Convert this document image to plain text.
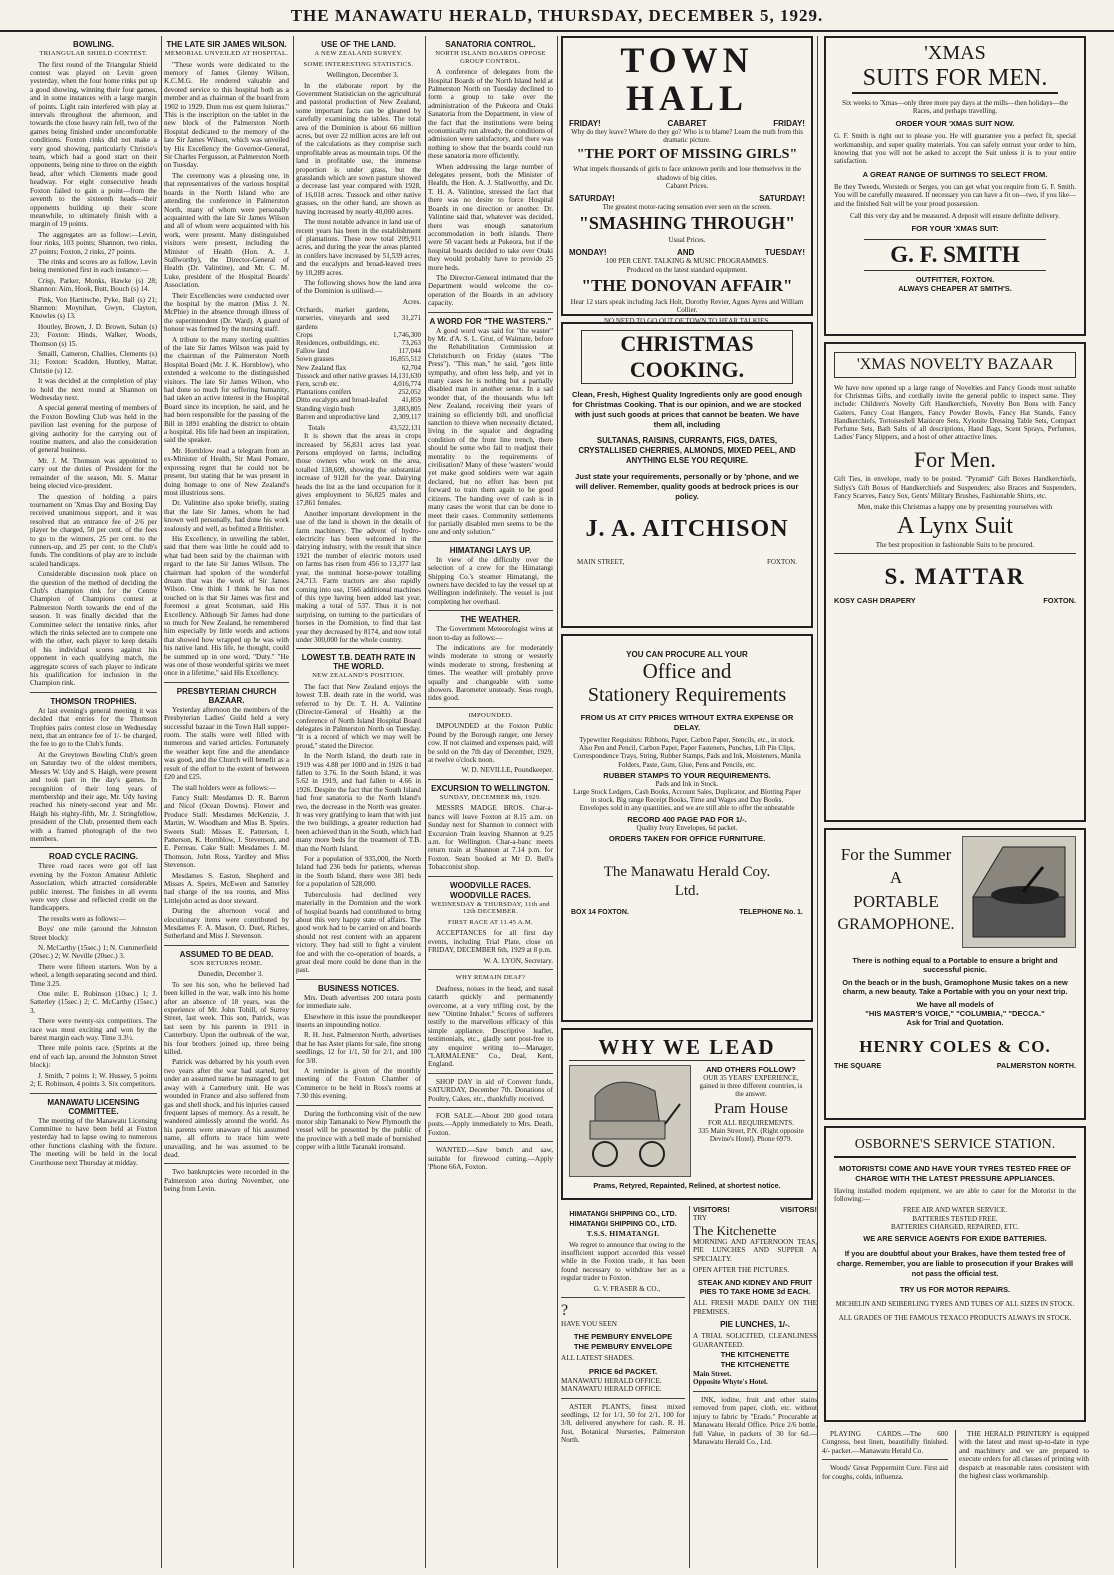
THE MANAWATU HERALD, THURSDAY, DECEMBER 5, 1929.
BOWLING.
TRIANGULAR SHIELD CONTEST.

The first round of the Triangular Shield contest was played on Levin green yesterday, when the four home rinks put up a good showing, winning their four games, and in some instances with a large margin of points. Light rain interfered with play at intervals throughout the afternoon, and towards the close heavy rain fell, two of the games being finished under uncomfortable conditions. Foxton rinks did not make a very good showing, particularly Christie's team, which had a good start on their opponents, being nine to three on the eighth head, after which Clements made good headway. For eight consecutive heads Foxton failed to gain a point—from the seventh to the sixteenth heads—their opponents building up their score meanwhile, to ultimately finish with a margin of 19 points.

The aggregates are as follow:—Levin, four rinks, 103 points; Shannon, two rinks, 27 points; Foxton, 2 rinks, 27 points.

The rinks and scores are as follow, Levin being mentioned first in each instance:—

Crisp, Parker, Monks, Hawke (s) 28; Shannon: Aim, Hook, Butt, Bouch (s) 14.

Pink, Von Hartitsche, Pyke, Ball (s) 21; Shannon: Moynihan, Gwyn, Clayton, Knowles (s) 13.

Houtley, Brown, J. D. Brown, Suban (s) 23; Foxton: Hinds, Walker, Woods, Thomson (s) 15.

Smaill, Cameron, Challies, Clements (s) 31; Foxton: Scadden, Huntley, Mattar, Christie (s) 12.

It was decided at the completion of play to hold the next round at Shannon on Wednesday next.

A special general meeting of members of the Foxton Bowling Club was held in the pavilion last evening for the purpose of giving authority for the carrying out of routine matters, and also the consideration of general business.

Mr. J. M. Thomson was appointed to carry out the duties of President for the remainder of the season, Mr. S. Mattar being elected vice-president.

The question of holding a pairs tournament on 'Xmas Day and Boxing Day received unanimous support, and it was resolved that an entrance fee of 2/6 per player be charged, 50 per cent. of the fees to go to the winners, 25 per cent. to the runners-up, and 25 per cent. to the Club's funds. The conditions of play are to include scaled handicaps.

Considerable discussion took place on the question of the method of deciding the Club's champion rink for the Centre Champion of Champions contest at Palmerston North towards the end of the season. It was finally decided that the Committee select the tentative rinks, after which the rinks selected are to compete one with the other, each player to keep details of his individual scores against his opponent in each qualifying match, the aggregate scores of each player to indicate his qualification for inclusion in the Champion rink.

THOMSON TROPHIES.

At last evening's general meeting it was decided that entries for the Thomson Trophies pairs contest close on Wednesday next, that an entrance fee of 1/- be charged, the fee to go to the Club's funds.

At the Greytown Bowling Club's green on Saturday two of the oldest members, Messrs W. Udy and S. Haigh, were present and took part in the day's games. In recognition of their long years of membership and their age, Mr. Udy having reached his ninety-second year and Mr. Haigh his eighty-fifth, Mr. J. Stringfellow, president of the Club, presented them each with a framed photograph of the two members.

ROAD CYCLE RACING.

Three road races were got off last evening by the Foxton Amateur Athletic Association, which attracted considerable public interest. The finishes in all events were very close and reflected credit on the handicappers.

The results were as follows:—

Boys' one mile (around the Johnston Street block):

N. McCarthy (15sec.) 1; N. Cummerfield (20sec.) 2; W. Neville (20sec.) 3.

There were fifteen starters. Won by a wheel, a length separating second and third. Time 3.25.

One mile: E. Robinson (10sec.) 1; J. Satterley (15sec.) 2; C. McCarthy (15sec.) 3.

There were twenty-six competitors. The race was most exciting and won by the barest margin each way. Time 3.3½.

Three mile points race. (Sprints at the end of each lap, around the Johnston Street block):

J. Smith, 7 points 1; W. Hussey, 5 points 2; E. Robinson, 4 points 3. Six competitors.

MANAWATU LICENSING COMMITTEE.

The meeting of the Manawatu Licensing Committee to have been held at Foxton yesterday had to lapse owing to numerous other functions clashing with the fixture. The meeting will be held in the local Courthouse next Thursday at midday.

THE LATE SIR JAMES WILSON.
MEMORIAL UNVEILED AT HOSPITAL.

"These words were dedicated to the memory of James Glenny Wilson, K.C.M.G. He rendered valuable and devoted service to this hospital both as a member and as chairman of the board from 1902 to 1929. Dum nus est quem luiteras." This is the inscription on the tablet in the new block of the Palmerston North Hospital dedicated to the memory of the late Sir James Wilson, which was unveiled by His Excellency the Governor-General, Sir Charles Fergusson, at Palmerston North on Tuesday.

The ceremony was a pleasing one, in that representatives of the various hospital boards in the North Island who are attending the conference in Palmerston North, many of whom were personally acquainted with the late Sir James Wilson and all of whom were acquainted with his work, were present. Many distinguished visitors were present, including the Minister of Health (Hon. A. J. Stallworthy), the Director-General of Health (Dr. Valintine), and Mr. C. M. Luke, president of the Hospital Boards' Association.

Their Excellencies were conducted over the hospital by the matron (Miss J. N. McPhie) in the absence through illness of the superintendent (Dr. Ward). A guard of honour was formed by the nursing staff.

A tribute to the many sterling qualities of the late Sir James Wilson was paid by the chairman of the Palmerston North Hospital Board (Mr. J. K. Hornblow), who extended a welcome to the distinguished visitors. The late Sir James Wilson, who had done so much for suffering humanity, had taken an active interest in the Hospital Board since its inception, he said, and he had been responsible for the passing of the Bill in 1891 enabling the district to obtain a hospital. His life had been an inspiration, said the speaker.

Mr. Hornblow read a telegram from an ex-Minister of Health, Sir Maui Pomare, expressing regret that he could not be present, but stating that he was present in doing homage to one of New Zealand's most illustrious sons.

Dr. Valintine also spoke briefly, stating that the late Sir James, whom he had known well personally, had done his work zealously and well, as befitted a Britisher.

His Excellency, in unveiling the tablet, said that there was little he could add to what had been said by the chairman with regard to the late Sir James Wilson. The chairman had spoken of the wonderful dream that was the work of Sir James Wilson. One think I think he has not touched on is that Sir James was first and foremost a great Scotsman, said His Excellency. Although Sir James had done so much for New Zealand, he remembered him especially by little words and actions that showed how wrapped up he was with his native land. His life, he thought, could be summed up in one word, "Duty." "He was one of those wonderful spirits we meet once in a lifetime," said His Excellency.

PRESBYTERIAN CHURCH BAZAAR.

Yesterday afternoon the members of the Presbyterian Ladies' Guild held a very successful bazaar in the Town Hall supper-room. The stalls were well filled with numerous and varied articles. Fortunately the weather kept fine and the attendance was good, and the Church will benefit as a result of the effort to the extent of between £20 and £25.

The stall holders were as follows:—

Fancy Stall: Mesdames D. R. Barron and Nicol (Ocean Downs). Flower and Produce Stall: Mesdames McKenzie, J. Martin, W. Woodham and Miss B. Speirs. Sweets Stall: Misses E. Patterson, I. Patterson, K. Hornblow, J. Stevenson, and E. Perreau. Cake Stall: Mesdames J. M. Thomson, John Ross, Yardley and Miss Stevenson.

Mesdames S. Easton, Shepherd and Misses A. Speirs, McEwen and Satterley had charge of the tea rooms, and Miss Littlejohn acted as door steward.

During the afternoon vocal and elocutionary items were contributed by Mesdames F. A. Mason, O. Duel, Riches, Sutherland and Miss J. Stevenson.

ASSUMED TO BE DEAD.
SON RETURNS HOME.

Dunedin, December 3.

To see his son, who he believed had been killed in the war, walk into his home after an absence of 18 years, was the experience of Mr. John Tohill, of Surrey Street, last week. This son, Patrick, was last seen by his parents in 1911 in Canterbury. Upon the outbreak of the war, his four brothers joined up, three being killed.

Patrick was debarred by his youth even two years after the war had started, but under an assumed name he managed to get away with a Canterbury unit. He was wounded in France and also suffered from gas and shell shock, and his injuries caused frequent lapses of memory. As a result, he wandered aimlessly around the world. As his parents were unaware of his assumed name, all efforts to trace him were unavailing, and he was assumed to be dead.

Two bankruptcies were recorded in the Palmerston area during November, one being from Levin.

USE OF THE LAND.
A NEW ZEALAND SURVEY.
SOME INTERESTING STATISTICS.

Wellington, December 3.

In the elaborate report by the Government Statistician on the agricultural and pastoral production of New Zealand, some important facts can be gleaned by carefully examining the tables. The total area of the Dominion is about 66 million acres, but over 22 million acres are left out of the calculations as they comprise such unprofitable areas as mountain tops. Of the land in profitable use, the immense proportion is under grass, but the grasslands which are sown pasture showed a decrease last year compared with 1928, of 16,018 acres. Tussock and other native grasses, on the other hand, are shown as having increased by nearly 40,000 acres.

The most notable advance in land use of recent years has been in the establishment of plantations. These now total 209,911 acres, and during the year the areas planted in conifers have increased by 51,539 acres, and the eucalypts and broad-leaved trees by 10,289 acres.

The following shows how the land area of the Dominion is utilised:—

Acres.
Orchards, market gardens, nurseries, vineyards and seed gardens	31,271
Crops	1,746,300
Residences, outbuildings, etc.	73,263
Fallow land	117,044
Sown grasses	16,855,512
New Zealand flax	62,704
Tussock and other native grasses	14,131,630
Fern, scrub etc.	4,016,774
Plantations conifers	252,052
Ditto eucalypts and broad-leafed	41,859
Standing virgin bush	3,883,805
Barren and unproductive land	2,309,117
Totals	43,522,131

It is shown that the areas in crops increased by 56,831 acres last year. Persons employed on farms, including those owners who work on the area, totalled 138,609, showing the substantial increase of 9128 for the year. Dairying heads the list as the land occupation for it gives employment to 56,825 males and 17,861 females.

Another important development in the use of the land is shown in the details of farm machinery. The advent of hydro-electricity has been welcomed in the dairying industry, with the result that since 1921 the number of electric motors used on farms has risen from 456 to 13,377 last year, the nominal horse-power totalling 24,713. Farm tractors are also rapidly coming into use, 1566 additional machines of this type having been added last year, making a total of 537. Thus it is not surprising, on turning to the particulars of horses in the Dominion, to find that last year they decreased by 8174, and now total under 300,000 for the whole country.

LOWEST T.B. DEATH RATE IN THE WORLD.
NEW ZEALAND'S POSITION.

The fact that New Zealand enjoys the lowest T.B. death rate in the world, was referred to by Dr. T. H. A. Valintine (Director-General of Health) at the conference of North Island Hospital Board delegates in Palmerston North on Tuesday. "It is a record of which we may well be proud," stated the Director.

In the North Island, the death rate in 1919 was 4.88 per 1000 and in 1926 it had fallen to 3.76. In the South Island, it was 5.62 in 1919, and had fallen to 4.66 in 1926. Despite the fact that the South Island had four sanatoria to the North Island's two, the decrease in the North was greater. It was very gratifying to learn that with just the two buildings, a greater reduction had been achieved than in the South, which had many more beds for the treatment of T.B. than the North Island.

For a population of 935,000, the North Island had 236 beds for patients, whereas in the South Island, there were 381 beds for a population of 528,000.

Tuberculosis had declined very materially in the Dominion and the work of hospital boards had contributed to bring about this very happy state of affairs. The good work had to be carried on and boards should not rest content with an apparent victory. They had still to fight a virulent foe and with the co-operation of boards, a great deal more could be done than in the past.

BUSINESS NOTICES.

Mrs. Death advertises 200 totara posts for immediate sale.

Elsewhere in this issue the poundkeeper inserts an impounding notice.

R. H. Just, Palmerston North, advertises that he has Aster plants for sale, fine strong seedlings, 12 for 1/1, 50 for 2/1, and 100 for 3/8.

A reminder is given of the monthly meeting of the Foxton Chamber of Commerce to be held in Ross's rooms at 7.30 this evening.

During the forthcoming visit of the new motor ship Tamanaki to New Plymouth the vessel will be presented by the public of the province with a bell made of burnished copper with a little Taranaki ironsand.

SANATORIA CONTROL.
NORTH ISLAND BOARDS OPPOSE GROUP CONTROL.

A conference of delegates from the Hospital Boards of the North Island held at Palmerston North on Tuesday declined to form a group to take over the administration of the Pukeora and Otaki Sanatoria from the Department, in view of the fact that the institutions were being economically run already, the conditions of admission were satisfactory, and there was nothing to show that the boards could run these sanatoria more efficiently.

When addressing the large number of delegates present, both the Minister of Health, the Hon. A. J. Stallworthy, and Dr. T. H. A. Valintine, stressed the fact that there was no desire to force Hospital Boards in one direction or another. Dr. Valintine said that, whatever was decided, there was enough sanatorium accommodation in both islands. There were 50 vacant beds at Pukeora, but if the hospital boards decided to take over Otaki they would probably have to provide 25 more beds.

The Director-General intimated that the Department would welcome the co-operation of the Boards in an advisory capacity.

A WORD FOR "THE WASTERS."

A good word was said for "the waster" by Mr. d'A. S. L. Grut, of Waimate, before the Rehabilitation Commission at Christchurch on Friday (states "The Press"). "This man," he said, "gets little sympathy, and often less help, and yet in many cases he is nothing but a partially disabled man in another sense. In a sad wonder that, of the thousands who left New Zealand, receiving their years of training so efficiently bill, and unofficial sanction to thieve when necessity dictated, living in the squalor and degrading condition of the front line trench, there should be some who fail to readjust their mentality to the requirements of civilisation? Many of these 'wasters' would yet make good soldiers were war again declared, but no effort has been put forward to train them again to be good citizens. The handing over of cash is in many cases the worst that can be done to meet their cases. Community settlements for partially disabled men seems to be the one and only solution."

HIMATANGI LAYS UP.

In view of the difficulty over the selection of a crew for the Himatangi Shipping Co.'s steamer Himatangi, the owners have decided to lay the vessel up at Wellington indefinitely. The vessel is just completing her overhaul.

THE WEATHER.

The Government Meteorologist wires at noon to-day as follows:—

The indications are for moderately winds moderate to strong or westerly winds moderate to strong, freshening at times. The weather will probably prove squally and changeable with some showers. Barometer unsteady. Seas rough, tides good.

IMPOUNDED.

IMPOUNDED at the Foxton Public Pound by the Borough ranger, one Jersey cow. If not claimed and expenses paid, will be sold on the 7th day of December, 1929, at twelve o'clock noon.

W. D. NEVILLE, Poundkeeper.

EXCURSION TO WELLINGTON.
SUNDAY, DECEMBER 8th, 1929.

MESSRS MADGE BROS. Char-a-bancs will leave Foxton at 8.15 a.m. on Sunday next for Shannon to connect with Excursion Train leaving Shannon at 9.25 a.m. for Wellington. Char-a-banc meets return train at Shannon at 7.14 p.m. for Foxton. Seats booked at Mr D. Bell's Tobacconist shop.

WOODVILLE RACES.
WOODVILLE RACES.
WEDNESDAY & THURSDAY, 11th and 12th DECEMBER.
FIRST RACE AT 11.45 A.M.

ACCEPTANCES for all first day events, including Trial Plate, close on FRIDAY, DECEMBER 6th, 1929 at 8 p.m.

W. A. LYON, Secretary.

WHY REMAIN DEAF?

Deafness, noises in the head, and nasal catarrh quickly and permanently overcome, at a very trifling cost, by the new "Ointine Inhaler." Scores of sufferers testify to the marvellous efficacy of this simple appliance. Descriptive leaflet, testimonials, etc., gladly sent post-free to any enquirer writing to—Manager, "LARMALENE" Co., Deal, Kent, England.

SHOP DAY in aid of Convent funds, SATURDAY, December 7th. Donations of Poultry, Cakes, etc., thankfully received.

FOR SALE.—About 200 good totara posts.—Apply immediately to Mrs. Death, Foxton.

WANTED.—Saw bench and saw, suitable for firewood cutting.—Apply 'Phone 66A, Foxton.

TOWN HALL
FRIDAY!	CABARET	FRIDAY!
Why do they leave? Where do they go? Who is to blame? Learn the truth from this dramatic picture.
"THE PORT OF MISSING GIRLS"
What impels thousands of girls to face unknown perils and lose themselves in the shadows of big cities.
Cabaret Prices.
SATURDAY!	SATURDAY!
The greatest motor-racing sensation ever seen on the screen.
"SMASHING THROUGH"
Usual Prices.
MONDAY!	AND	TUESDAY!
100 PER CENT. TALKING & MUSIC PROGRAMMES.
Produced on the latest standard equipment.
"THE DONOVAN AFFAIR"
Hear 12 stars speak including Jack Holt, Dorothy Revier, Agnes Ayres and William Collier.
CHRISTMAS COOKING.
Clean, Fresh, Highest Quality Ingredients only are good enough for Christmas Cooking. That is our opinion, and we are stocked with just such goods at prices that cannot be beaten. We have them all, including
SULTANAS, RAISINS, CURRANTS, FIGS, DATES, CRYSTALLISED CHERRIES, ALMONDS, MIXED PEEL, AND ANYTHING ELSE YOU REQUIRE.
Just state your requirements, personally or by 'phone, and we will deliver. Remember, quality goods at bedrock prices is our policy.
J. A. AITCHISON
MAIN STREET,	FOXTON.
YOU CAN PROCURE ALL YOUR
Office and
Stationery Requirements
FROM US AT CITY PRICES WITHOUT EXTRA EXPENSE OR DELAY.
Typewriter Requisites: Ribbons, Paper, Carbon Paper, Stencils, etc., in stock.
Also Pen and Pencil, Carbon Paper, Paper Fasteners, Punches, Lift Pin Clips, Correspondence Trays, String, Rubber Stamps, Pads and Ink, Moisteners, Manila Folders, Paste, Gum, Glue, Pens and Pencils, etc.
RUBBER STAMPS TO YOUR REQUIREMENTS.
Pads and Ink in Stock.
Large Stock Ledgers, Cash Books, Account Sales, Duplicator, and Blotting Paper in stock. Big range Receipt Books, Time and Wages and Day Books.
Envelopes sold in any quantities, and we are still able to offer the unbeatable
RECORD 400 PAGE PAD FOR 1/-.
Quality Ivory Envelopes, 6d packet.
ORDERS TAKEN FOR OFFICE FURNITURE.
The Manawatu Herald Coy. Ltd.
BOX 14 FOXTON.	TELEPHONE No. 1.
WHY WE LEAD
AND OTHERS FOLLOW?
OUR 35 YEARS' EXPERIENCE, gained in three different countries, is the answer.
Pram House
FOR ALL REQUIREMENTS.
335 Main Street, P.N. (Right opposite Devine's Hotel). Phone 6979.
Prams, Retyred, Repainted, Relined, at shortest notice.
HIMATANGI SHIPPING CO., LTD.
HIMATANGI SHIPPING CO., LTD.
T.S.S. HIMATANGI.

We regret to announce that owing to the insufficient support accorded this vessel while in the Foxton trade, it has been found necessary to withdraw her as a regular trader to Foxton.

G. V. FRASER & CO.,

?
HAVE YOU SEEN
THE PEMBURY ENVELOPE
THE PEMBURY ENVELOPE
ALL LATEST SHADES.
PRICE 6d PACKET.
MANAWATU HERALD OFFICE.
MANAWATU HERALD OFFICE.

ASTER PLANTS, finest mixed seedlings, 12 for 1/1, 50 for 2/1, 100 for 3/8, delivered anywhere for cash. R. H. Just, Botanical Nurseries, Palmerston North.

VISITORS!	VISITORS!
TRY
The Kitchenette
MORNING AND AFTERNOON TEAS, PIE LUNCHES AND SUPPER A SPECIALTY.
OPEN AFTER THE PICTURES.
STEAK AND KIDNEY AND FRUIT PIES TO TAKE HOME 3d EACH.
ALL FRESH MADE DAILY ON THE PREMISES.
PIE LUNCHES, 1/-.
A TRIAL SOLICITED, CLEANLINESS GUARANTEED.
THE KITCHENETTE
THE KITCHENETTE
Main Street.
Opposite Whyte's Hotel.

INK, iodine, fruit and other stains removed from paper, cloth, etc. without injury to fabric by "Erado." Procurable at Manawatu Herald Office. Price 2/6 bottle, full Value, in packets of 30 for 6d.—Manawatu Herald Co., Ltd.

'XMAS
SUITS FOR MEN.
Six weeks to 'Xmas—only three more pay days at the mills—then holidays—the Races, and perhaps travelling.
ORDER YOUR 'XMAS SUIT NOW.
G. F. Smith is right out to please you. He will guarantee you a perfect fit, special workmanship, and super quality materials. You can safely entrust your order to him, knowing that you will not be asked to accept the Suit unless it is to your entire satisfaction.
A GREAT RANGE OF SUITINGS TO SELECT FROM.
Be they Tweeds, Worsteds or Serges, you can get what you require from G. F. Smith. You will be carefully measured. If necessary you can have a fit on—two, if you like—and the finished Suit will be your proud possession.
Call this very day and be measured. A deposit will ensure definite delivery.
FOR YOUR 'XMAS SUIT:
G. F. SMITH
OUTFITTER, FOXTON.
ALWAYS CHEAPER AT SMITH'S.
'XMAS NOVELTY BAZAAR
We have now opened up a large range of Novelties and Fancy Goods most suitable for Christmas Gifts, and cordially invite the general public to inspect same. They include: Children's Novelty Gift Handkerchiefs, Novelty Bon Bons with Fancy Gaiters, Fancy Coat Hangers, Fancy Powder Bowls, Fancy Hat Stands, Fancy Handkerchiefs, Tortoiseshell Manicure Sets, Xylonite Dressing Table Sets, Compact Perfume Sets, Bath Salts of all descriptions, Hand Bags, Scent Sprays, Perfumes, Ladies' Fancy Slippers, and a host of other attractive lines.
For Men.
Gift Ties, in envelope, ready to be posted. "Pyramid" Gift Boxes Handkerchiefs, Sidlys's Gift Boxes of Handkerchiefs and Suspenders; also Braces and Suspenders, Fancy Scarves, Fancy Sox, Gents' Military Brushes, Fashionable Shirts, etc.
Men, make this Christmas a happy one by presenting yourselves with
A Lynx Suit
The best proposition in fashionable Suits to be procured.
S. MATTAR
KOSY CASH DRAPERY	FOXTON.
For the Summer
A
PORTABLE
GRAMOPHONE.
There is nothing equal to a Portable to ensure a bright and successful picnic.
On the beach or in the bush, Gramophone Music takes on a new charm, a new beauty. Take a Portable with you on your next trip.
We have all models of
"HIS MASTER'S VOICE," "COLUMBIA," "DECCA."
Ask for Trial and Quotation.
HENRY COLES & CO.
THE SQUARE	PALMERSTON NORTH.
OSBORNE'S SERVICE STATION.
MOTORISTS! COME AND HAVE YOUR TYRES TESTED FREE OF CHARGE WITH THE LATEST PRESSURE APPLIANCES.
Having installed modern equipment, we are able to cater for the Motorist in the following:—
FREE AIR AND WATER SERVICE.
BATTERIES TESTED FREE.
BATTERIES CHARGED, REPAIRED, ETC.
WE ARE SERVICE AGENTS FOR EXIDE BATTERIES.
If you are doubtful about your Brakes, have them tested free of charge. Remember, you are liable to prosecution if your Brakes will not pass the official test.
TRY US FOR MOTOR REPAIRS.
MICHELIN AND SEIBERLING TYRES AND TUBES OF ALL SIZES IN STOCK.
ALL GRADES OF THE FAMOUS TEXACO PRODUCTS ALWAYS IN STOCK.

PLAYING CARDS.—The 600 Congress, best linen, beautifully finished. 4/- packet.—Manawatu Herald Co.

Woods' Great Peppermint Cure. First aid for coughs, colds, influenza.

THE HERALD PRINTERY is equipped with the latest and most up-to-date in type and machinery and we are prepared to execute orders for all classes of printing with despatch at reasonable rates consistent with the highest class workmanship.
